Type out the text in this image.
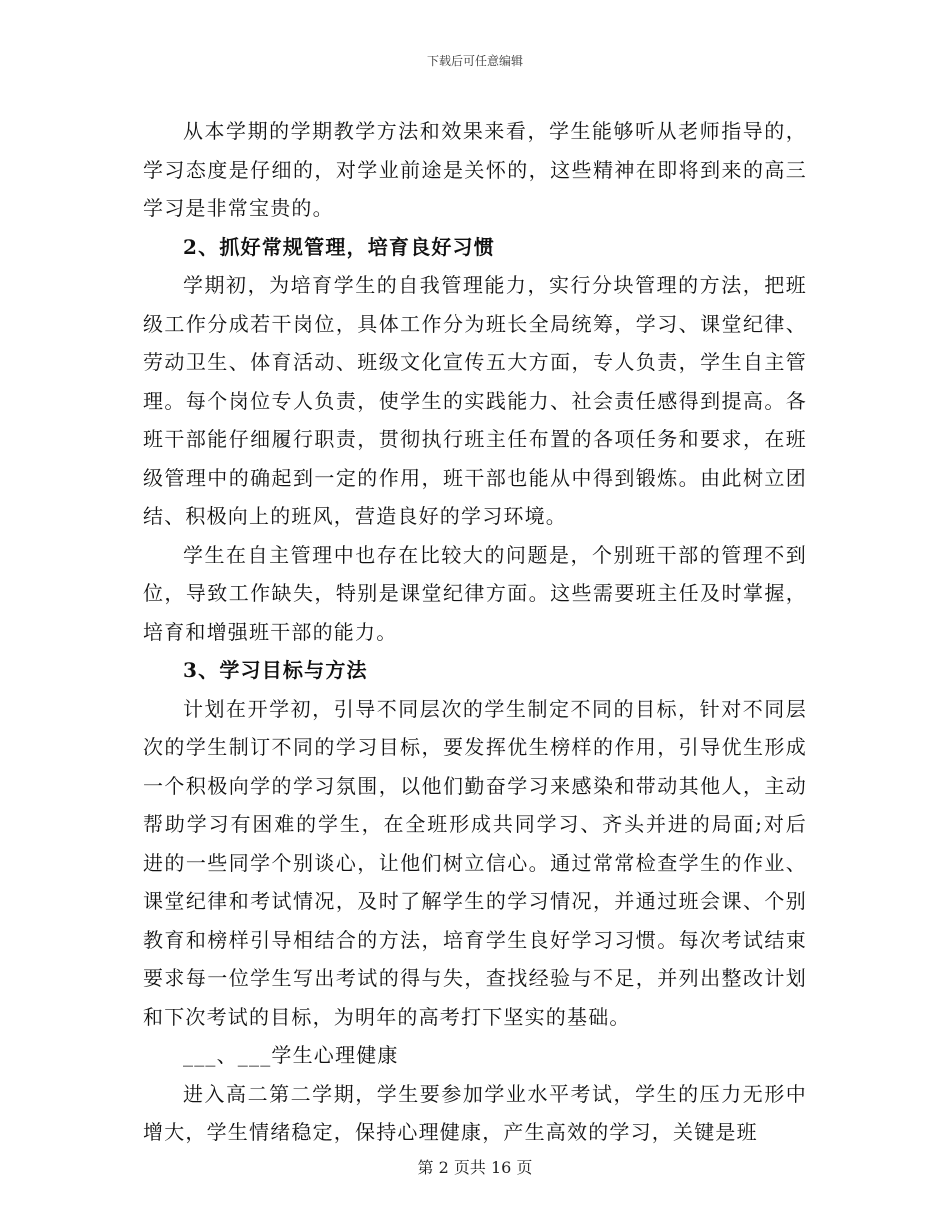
下载后可任意编辑

从本学期的学期教学方法和效果来看，学生能够听从老师指导的，学习态度是仔细的，对学业前途是关怀的，这些精神在即将到来的高三学习是非常宝贵的。

2、抓好常规管理，培育良好习惯

学期初，为培育学生的自我管理能力，实行分块管理的方法，把班级工作分成若干岗位，具体工作分为班长全局统筹，学习、课堂纪律、劳动卫生、体育活动、班级文化宣传五大方面，专人负责，学生自主管理。每个岗位专人负责，使学生的实践能力、社会责任感得到提高。各班干部能仔细履行职责，贯彻执行班主任布置的各项任务和要求，在班级管理中的确起到一定的作用，班干部也能从中得到锻炼。由此树立团结、积极向上的班风，营造良好的学习环境。

学生在自主管理中也存在比较大的问题是，个别班干部的管理不到位，导致工作缺失，特别是课堂纪律方面。这些需要班主任及时掌握，培育和增强班干部的能力。

3、学习目标与方法

计划在开学初，引导不同层次的学生制定不同的目标，针对不同层次的学生制订不同的学习目标，要发挥优生榜样的作用，引导优生形成一个积极向学的学习氛围，以他们勤奋学习来感染和带动其他人，主动帮助学习有困难的学生，在全班形成共同学习、齐头并进的局面;对后进的一些同学个别谈心，让他们树立信心。通过常常检查学生的作业、课堂纪律和考试情况，及时了解学生的学习情况，并通过班会课、个别教育和榜样引导相结合的方法，培育学生良好学习习惯。每次考试结束要求每一位学生写出考试的得与失，查找经验与不足，并列出整改计划和下次考试的目标，为明年的高考打下坚实的基础。

___、___学生心理健康

进入高二第二学期，学生要参加学业水平考试，学生的压力无形中增大，学生情绪稳定，保持心理健康，产生高效的学习，关键是班

第 2 页共 16 页
